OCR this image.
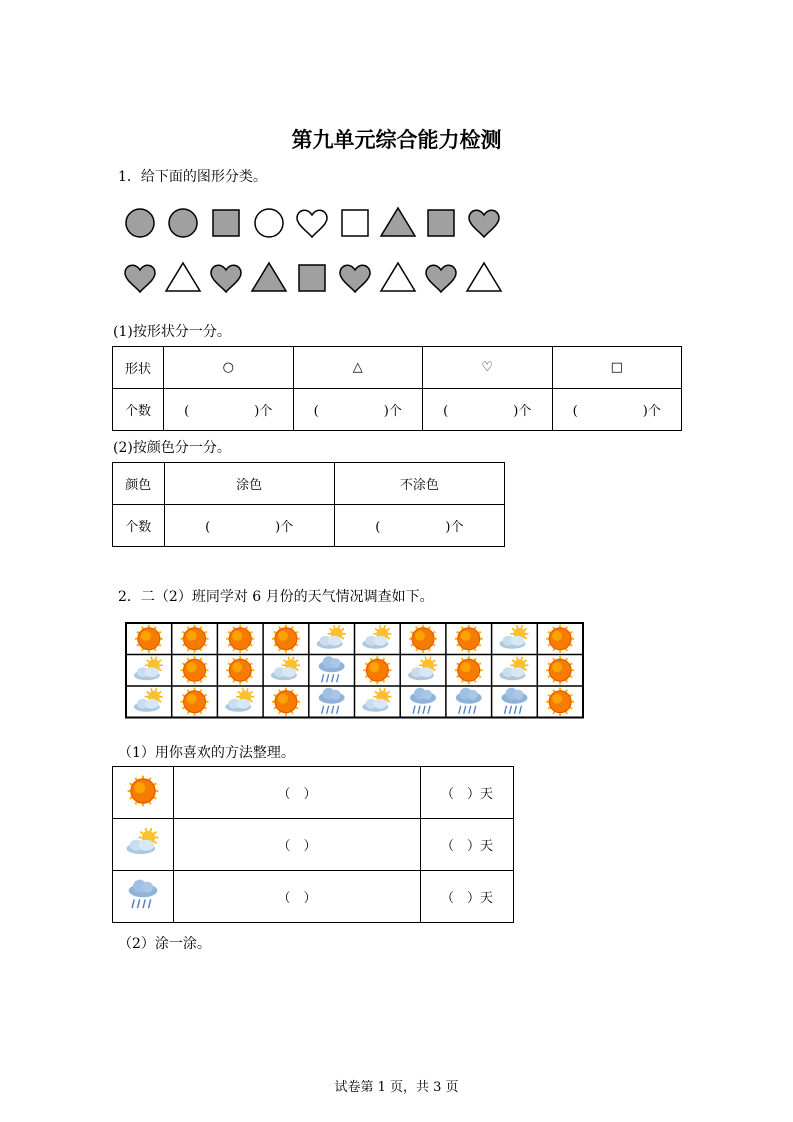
第九单元综合能力检测
1．给下面的图形分类。
(1)按形状分一分。
形状	○	△	♡	□
个数	(　　　　　)个	(　　　　　)个	(　　　　　)个	(　　　　　)个
(2)按颜色分一分。
颜色	涂色	不涂色
个数	(　　　　　)个	(　　　　　)个
2．二（2）班同学对 6 月份的天气情况调查如下。
（1）用你喜欢的方法整理。
	（　）	（　）天
	（　）	（　）天
	（　）	（　）天
（2）涂一涂。
试卷第 1 页，共 3 页
